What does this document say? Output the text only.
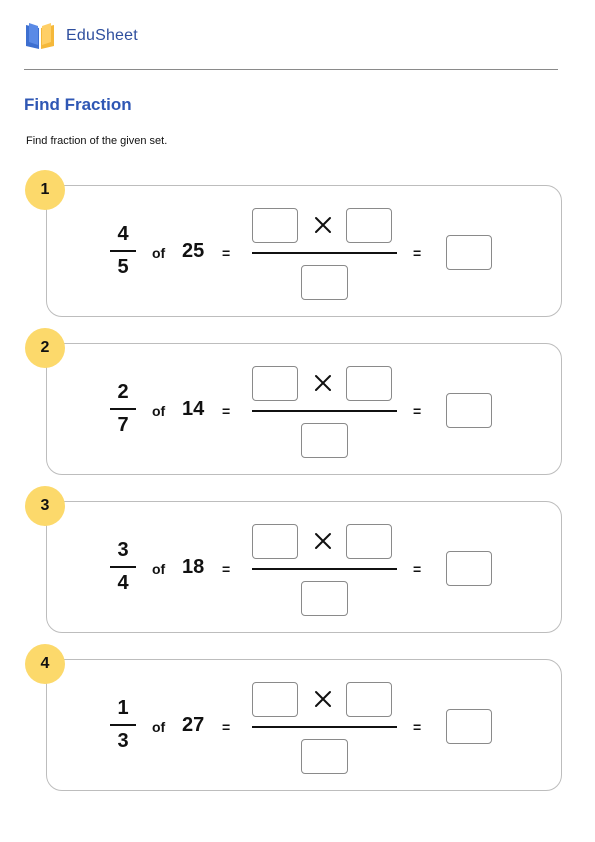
EduSheet
Find Fraction
Find fraction of the given set.
4
5
of 25 =	=
1
2
7
of 14 =	=
2
3
4
of 18 =	=
3
1
3
of 27 =	=
4
